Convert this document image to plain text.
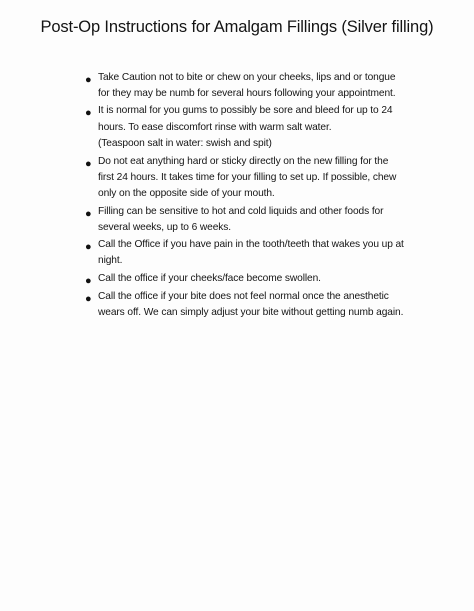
Post-Op Instructions for Amalgam Fillings (Silver filling)
● Take Caution not to bite or chew on your cheeks, lips and or tongue
for they may be numb for several hours following your appointment.
● It is normal for you gums to possibly be sore and bleed for up to 24
hours. To ease discomfort rinse with warm salt water.
(Teaspoon salt in water: swish and spit)
● Do not eat anything hard or sticky directly on the new filling for the
first 24 hours. It takes time for your filling to set up. If possible, chew
only on the opposite side of your mouth.
● Filling can be sensitive to hot and cold liquids and other foods for
several weeks, up to 6 weeks.
● Call the Office if you have pain in the tooth/teeth that wakes you up at
night.
● Call the office if your cheeks/face become swollen.
● Call the office if your bite does not feel normal once the anesthetic
wears off. We can simply adjust your bite without getting numb again.
